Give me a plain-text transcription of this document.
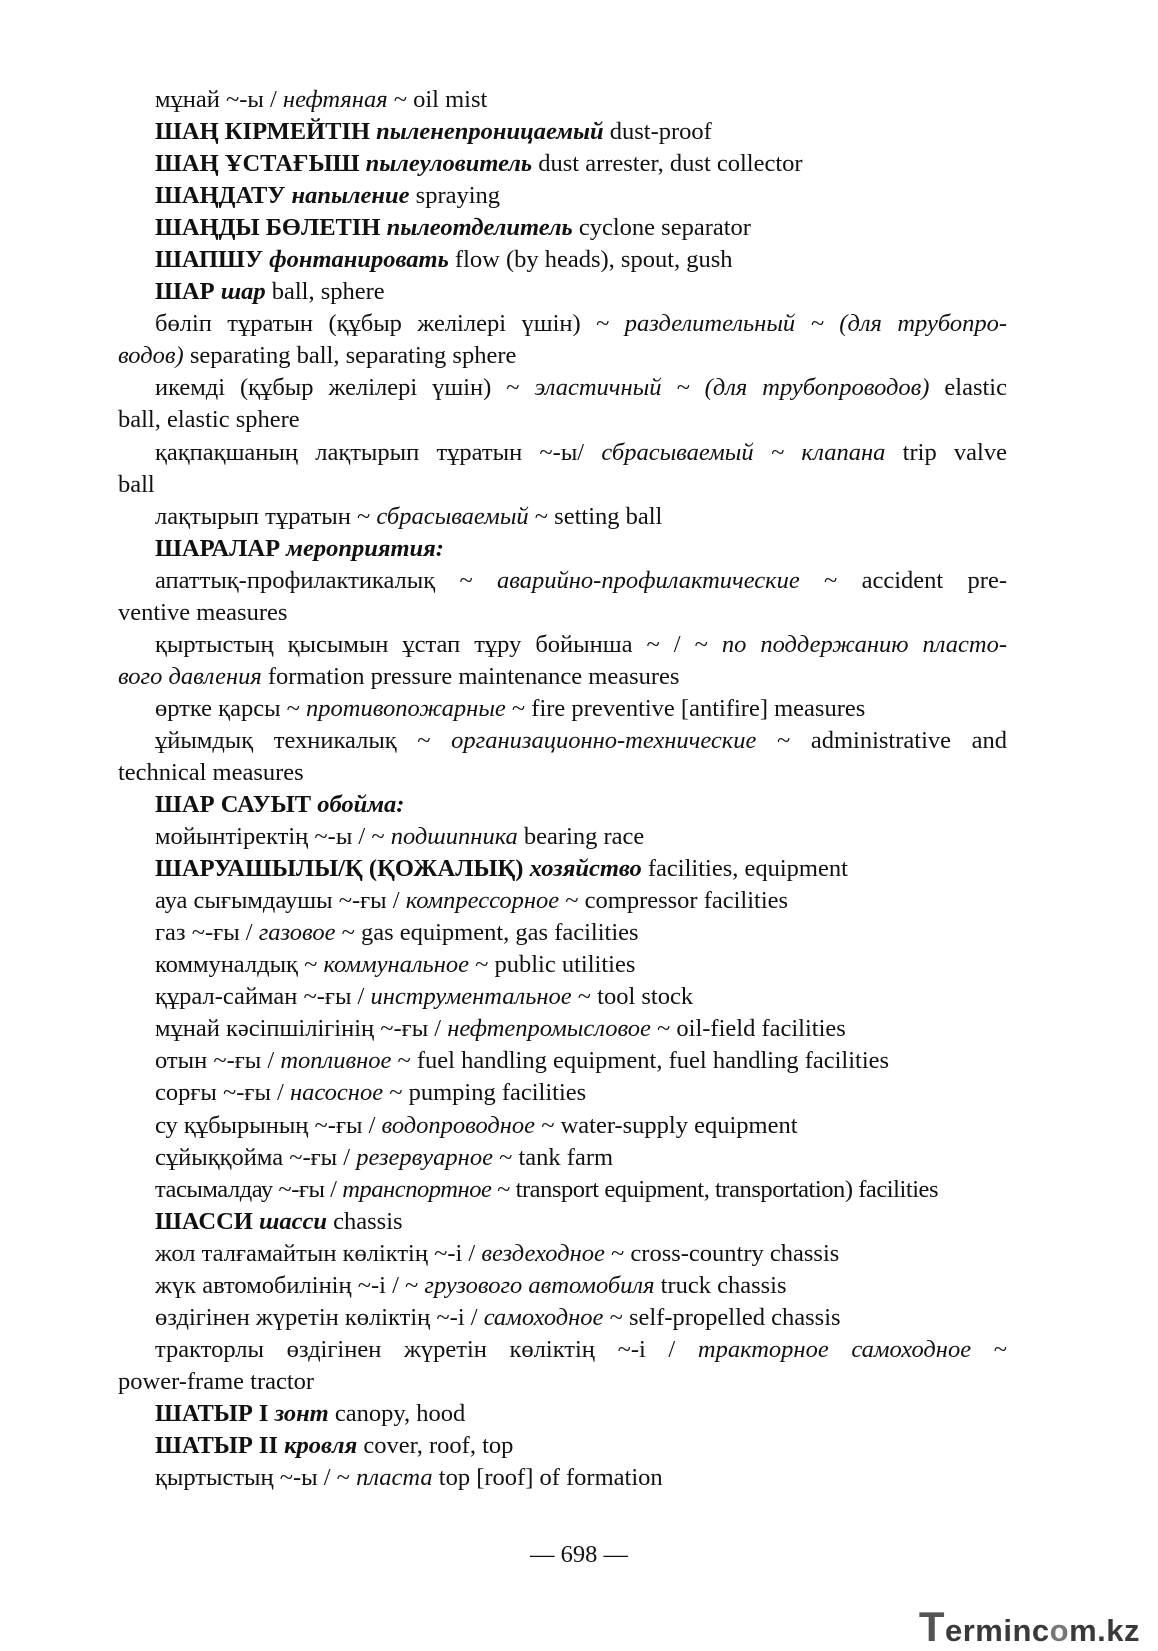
мұнай ~-ы / нефтяная ~ oil mist
ШАҢ КІРМЕЙТІН пыленепроницаемый dust-proof
ШАҢ ҰСТАҒЫШ пылеуловитель dust arrester, dust collector
ШАҢДАТУ напыление spraying
ШАҢДЫ БӨЛЕТІН пылеотделитель cyclone separator
ШАПШУ фонтанировать flow (by heads), spout, gush
ШАР шар ball, sphere
бөліп тұратын (құбыр желілері үшін) ~ разделительный ~ (для трубопро-
водов) separating ball, separating sphere
икемді (құбыр желілері үшін) ~ эластичный ~ (для трубопроводов) elastic
ball, elastic sphere
қақпақшаның лақтырып тұратын ~-ы/ сбрасываемый ~ клапана trip valve
ball
лақтырып тұратын ~ сбрасываемый ~ setting ball
ШАРАЛАР мероприятия:
апаттық-профилактикалық ~ аварийно-профилактические ~ accident pre-
ventive measures
қыртыстың қысымын ұстап тұру бойынша ~ / ~ по поддержанию пласто-
вого давления formation pressure maintenance measures
өртке қарсы ~ противопожарные ~ fire preventive [antifire] measures
ұйымдық техникалық ~ организационно-технические ~ administrative and
technical measures
ШАР САУЫТ обойма:
мойынтіректің ~-ы / ~ подшипника bearing race
ШАРУАШЫЛЫ/Қ (ҚОЖАЛЫҚ) хозяйство facilities, equipment
ауа сығымдаушы ~-ғы / компрессорное ~ compressor facilities
газ ~-ғы / газовое ~ gas equipment, gas facilities
коммуналдық ~ коммунальное ~ public utilities
құрал-сайман ~-ғы / инструментальное ~ tool stock
мұнай кәсіпшілігінің ~-ғы / нефтепромысловое ~ oil-field facilities
отын ~-ғы / топливное ~ fuel handling equipment, fuel handling facilities
сорғы ~-ғы / насосное ~ pumping facilities
су құбырының ~-ғы / водопроводное ~ water-supply equipment
сұйыққойма ~-ғы / резервуарное ~ tank farm
тасымалдау ~-ғы / транспортное ~ transport equipment, transportation) facilities
ШАССИ шасси chassis
жол талғамайтын көліктің ~-і / вездеходное ~ cross-country chassis
жүк автомобилінің ~-і / ~ грузового автомобиля truck chassis
өздігінен жүретін көліктің ~-і / самоходное ~ self-propelled chassis
тракторлы өздігінен жүретін көліктің ~-і / тракторное самоходное ~
power-frame tractor
ШАТЫР I зонт canopy, hood
ШАТЫР II кровля cover, roof, top
қыртыстың ~-ы / ~ пласта top [roof] of formation
— 698 —
Termincom.kz
